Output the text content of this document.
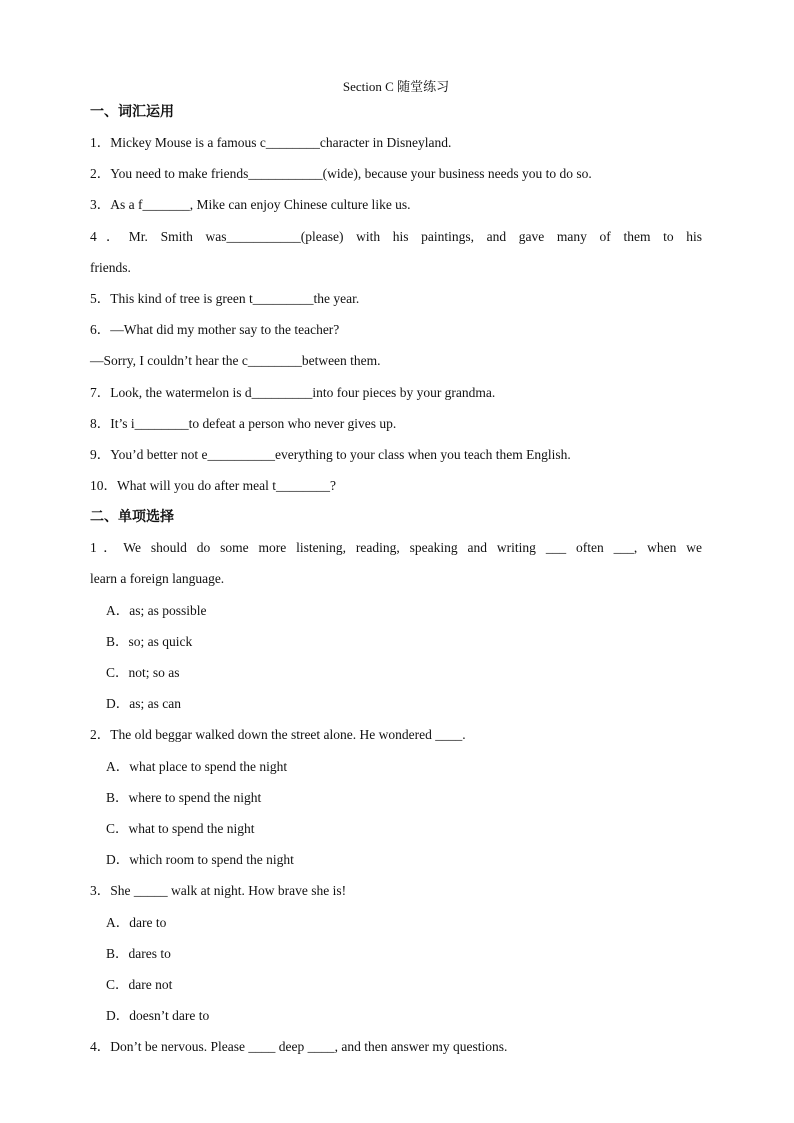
Section C 随堂练习
一、词汇运用
1．Mickey Mouse is a famous c________character in Disneyland.
2．You need to make friends___________(wide), because your business needs you to do so.
3．As a f_______, Mike can enjoy Chinese culture like us.
4．Mr. Smith was___________(please) with his paintings, and gave many of them to his
friends.
5．This kind of tree is green t_________the year.
6．—What did my mother say to the teacher?
—Sorry, I couldn’t hear the c________between them.
7．Look, the watermelon is d_________into four pieces by your grandma.
8．It’s i________to defeat a person who never gives up.
9．You’d better not e__________everything to your class when you teach them English.
10．What will you do after meal t________?
二、单项选择
1．We should do some more listening, reading, speaking and writing ___ often ___, when we
learn a foreign language.
A．as; as possible
B．so; as quick
C．not; so as
D．as; as can
2．The old beggar walked down the street alone. He wondered ____.
A．what place to spend the night
B．where to spend the night
C．what to spend the night
D．which room to spend the night
3．She _____ walk at night. How brave she is!
A．dare to
B．dares to
C．dare not
D．doesn’t dare to
4．Don’t be nervous. Please ____ deep ____, and then answer my questions.
